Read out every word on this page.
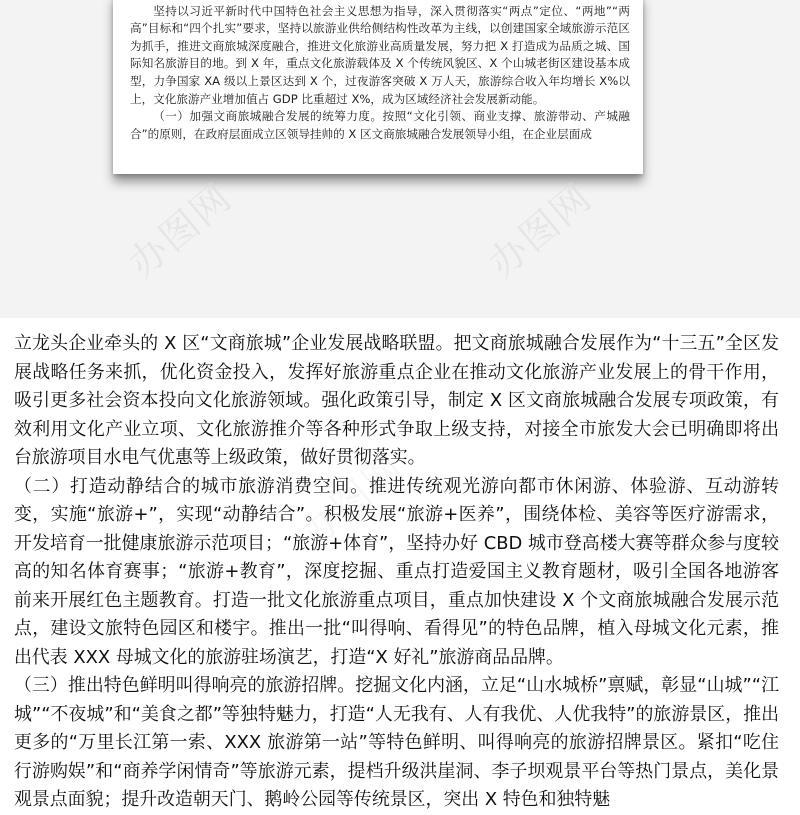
坚持以习近平新时代中国特色社会主义思想为指导，深入贯彻落实“两点”定位、“两地”“两高”目标和“四个扎实”要求，坚持以旅游业供给侧结构性改革为主线，以创建国家全域旅游示范区为抓手，推进文商旅城深度融合，推进文化旅游业高质量发展，努力把 X 打造成为品质之城、国际知名旅游目的地。到 X 年，重点文化旅游载体及 X 个传统风貌区、X 个山城老街区建设基本成型，力争国家 XA 级以上景区达到 X 个，过夜游客突破 X 万人天，旅游综合收入年均增长 X%以上，文化旅游产业增加值占 GDP 比重超过 X%，成为区域经济社会发展新动能。

（一）加强文商旅城融合发展的统筹力度。按照“文化引领、商业支撑、旅游带动、产城融合”的原则，在政府层面成立区领导挂帅的 X 区文商旅城融合发展领导小组，在企业层面成

办图网	办图网
办图网

立龙头企业牵头的 X 区“文商旅城”企业发展战略联盟。把文商旅城融合发展作为“十三五”全区发展战略任务来抓，优化资金投入，发挥好旅游重点企业在推动文化旅游产业发展上的骨干作用，吸引更多社会资本投向文化旅游领域。强化政策引导，制定 X 区文商旅城融合发展专项政策，有效利用文化产业立项、文化旅游推介等各种形式争取上级支持，对接全市旅发大会已明确即将出台旅游项目水电气优惠等上级政策，做好贯彻落实。

（二）打造动静结合的城市旅游消费空间。推进传统观光游向都市休闲游、体验游、互动游转变，实施“旅游+”，实现“动静结合”。积极发展“旅游+医养”，围绕体检、美容等医疗游需求，开发培育一批健康旅游示范项目；“旅游+体育”，坚持办好 CBD 城市登高楼大赛等群众参与度较高的知名体育赛事；“旅游+教育”，深度挖掘、重点打造爱国主义教育题材，吸引全国各地游客前来开展红色主题教育。打造一批文化旅游重点项目，重点加快建设 X 个文商旅城融合发展示范点，建设文旅特色园区和楼宇。推出一批“叫得响、看得见”的特色品牌，植入母城文化元素，推出代表 XXX 母城文化的旅游驻场演艺，打造“X 好礼”旅游商品品牌。

（三）推出特色鲜明叫得响亮的旅游招牌。挖掘文化内涵，立足“山水城桥”禀赋，彰显“山城”“江城”“不夜城”和“美食之都”等独特魅力，打造“人无我有、人有我优、人优我特”的旅游景区，推出更多的“万里长江第一索、XXX 旅游第一站”等特色鲜明、叫得响亮的旅游招牌景区。紧扣“吃住行游购娱”和“商养学闲情奇”等旅游元素，提档升级洪崖洞、李子坝观景平台等热门景点，美化景观景点面貌；提升改造朝天门、鹅岭公园等传统景区，突出 X 特色和独特魅
